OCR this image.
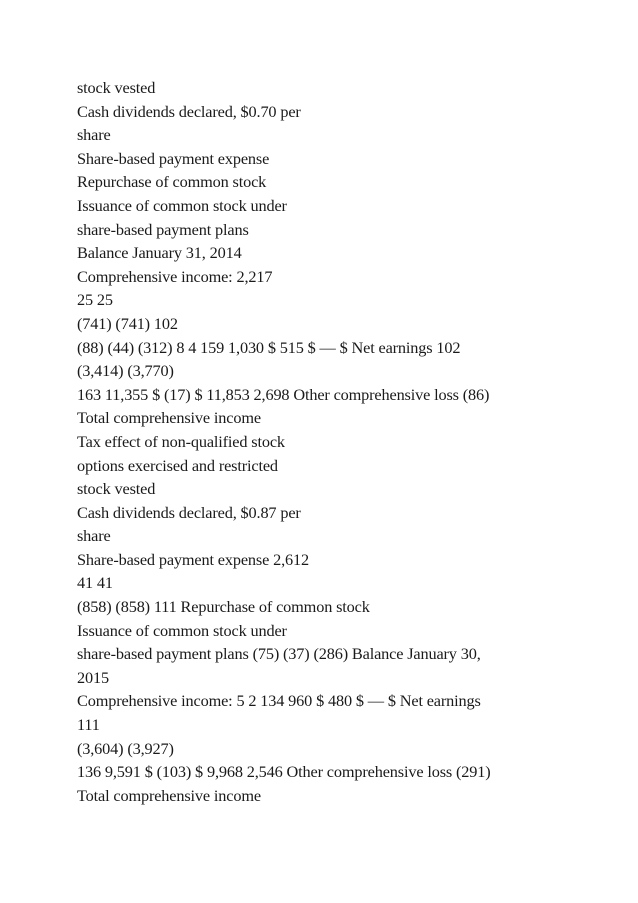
stock vested
Cash dividends declared, $0.70 per
share
Share-based payment expense
Repurchase of common stock
Issuance of common stock under
share-based payment plans
Balance January 31, 2014
Comprehensive income: 2,217
25 25
(741) (741) 102
(88) (44) (312) 8 4 159 1,030 $ 515 $ — $ Net earnings 102
(3,414) (3,770)
163 11,355 $ (17) $ 11,853 2,698 Other comprehensive loss (86)
Total comprehensive income
Tax effect of non-qualified stock
options exercised and restricted
stock vested
Cash dividends declared, $0.87 per
share
Share-based payment expense 2,612
41 41
(858) (858) 111 Repurchase of common stock
Issuance of common stock under
share-based payment plans (75) (37) (286) Balance January 30,
2015
Comprehensive income: 5 2 134 960 $ 480 $ — $ Net earnings
111
(3,604) (3,927)
136 9,591 $ (103) $ 9,968 2,546 Other comprehensive loss (291)
Total comprehensive income
